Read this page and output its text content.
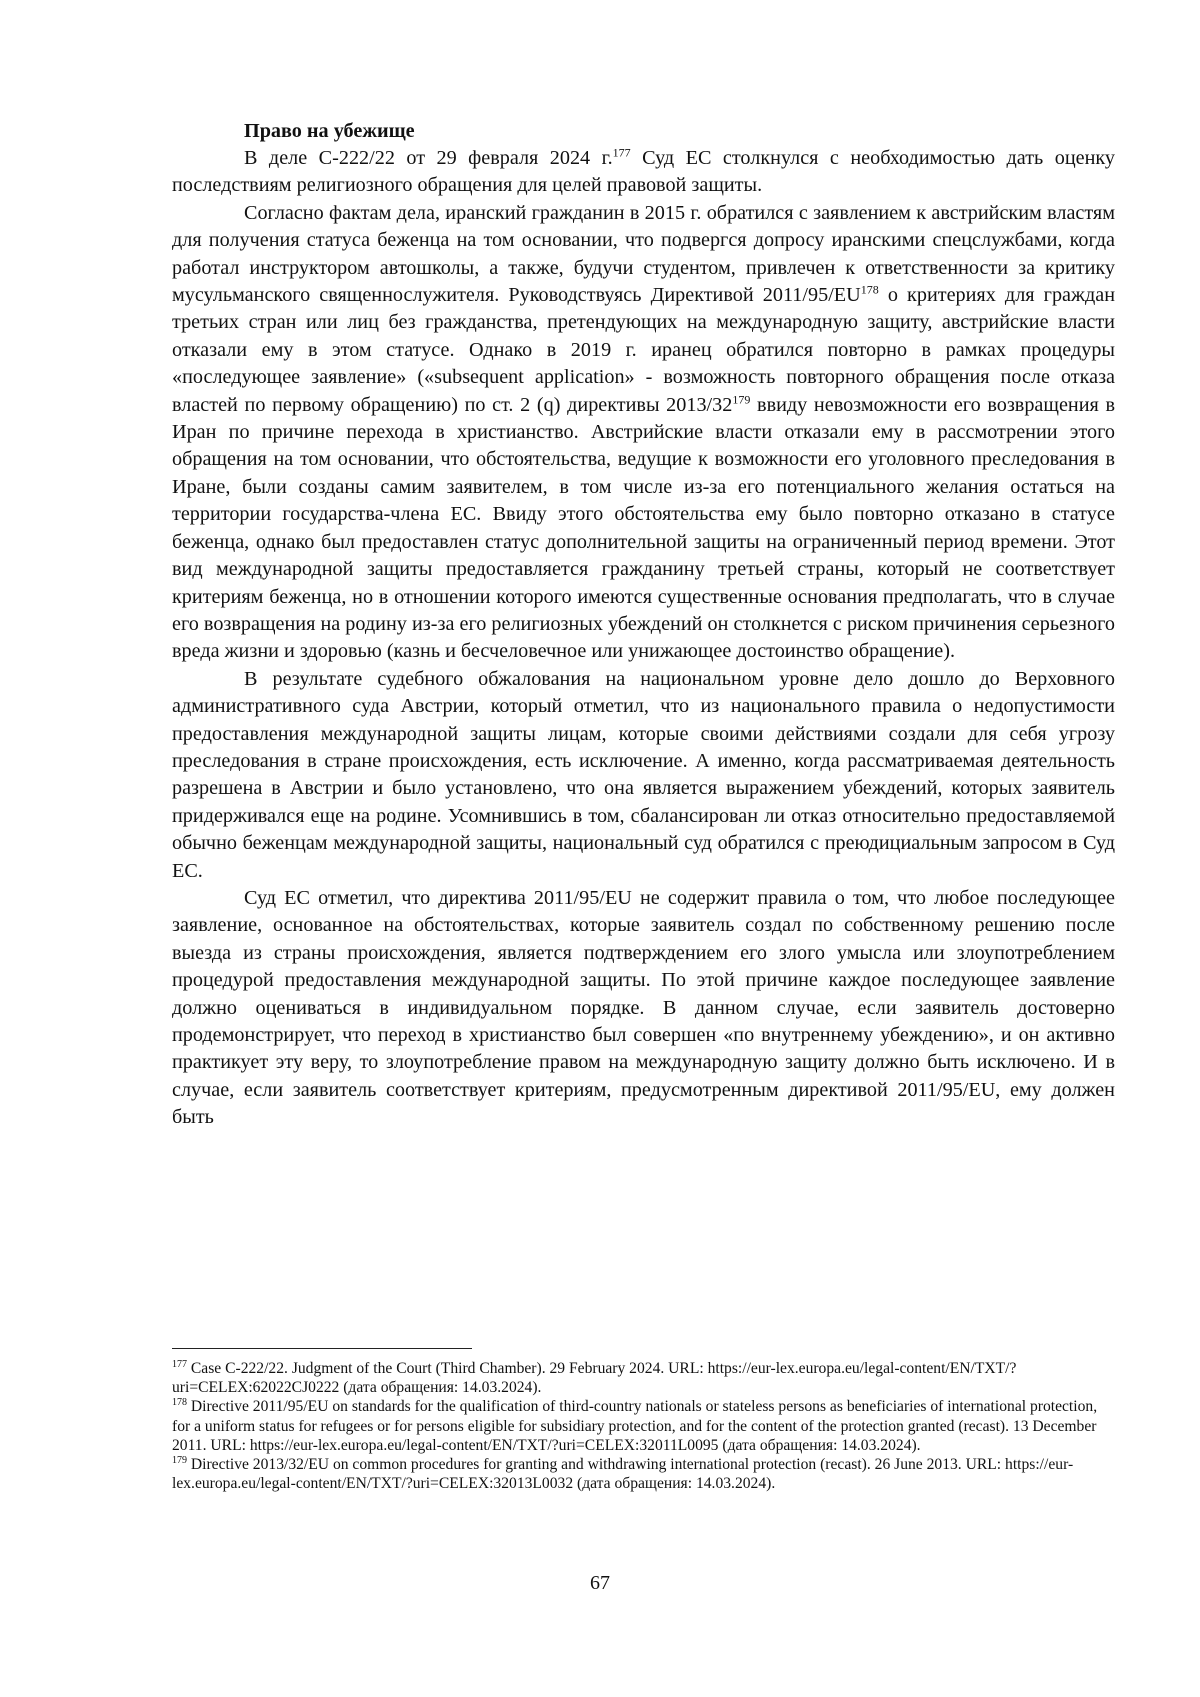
Право на убежище

В деле С-222/22 от 29 февраля 2024 г.$^{177}$ Суд ЕС столкнулся с необходимостью дать оценку последствиям религиозного обращения для целей правовой защиты.

Согласно фактам дела, иранский гражданин в 2015 г. обратился с заявлением к австрийским властям для получения статуса беженца на том основании, что подвергся допросу иранскими спецслужбами, когда работал инструктором автошколы, а также, будучи студентом, привлечен к ответственности за критику мусульманского священнослужителя. Руководствуясь Директивой 2011/95/EU$^{178}$ о критериях для граждан третьих стран или лиц без гражданства, претендующих на международную защиту, австрийские власти отказали ему в этом статусе. Однако в 2019 г. иранец обратился повторно в рамках процедуры «последующее заявление» («subsequent application» - возможность повторного обращения после отказа властей по первому обращению) по ст. 2 (q) директивы $2013/32^{179}$ ввиду невозможности его возвращения в Иран по причине перехода в христианство. Австрийские власти отказали ему в рассмотрении этого обращения на том основании, что обстоятельства, ведущие к возможности его уголовного преследования в Иране, были созданы самим заявителем, в том числе из-за его потенциального желания остаться на территории государства-члена ЕС. Ввиду этого обстоятельства ему было повторно отказано в статусе беженца, однако был предоставлен статус дополнительной защиты на ограниченный период времени. Этот вид международной защиты предоставляется гражданину третьей страны, который не соответствует критериям беженца, но в отношении которого имеются существенные основания предполагать, что в случае его возвращения на родину из-за его религиозных убеждений он столкнется с риском причинения серьезного вреда жизни и здоровью (казнь и бесчеловечное или унижающее достоинство обращение).

В результате судебного обжалования на национальном уровне дело дошло до Верховного административного суда Австрии, который отметил, что из национального правила о недопустимости предоставления международной защиты лицам, которые своими действиями создали для себя угрозу преследования в стране происхождения, есть исключение. А именно, когда рассматриваемая деятельность разрешена в Австрии и было установлено, что она является выражением убеждений, которых заявитель придерживался еще на родине. Усомнившись в том, сбалансирован ли отказ относительно предоставляемой обычно беженцам международной защиты, национальный суд обратился с преюдициальным запросом в Суд ЕС.

Суд ЕС отметил, что директива 2011/95/EU не содержит правила о том, что любое последующее заявление, основанное на обстоятельствах, которые заявитель создал по собственному решению после выезда из страны происхождения, является подтверждением его злого умысла или злоупотреблением процедурой предоставления международной защиты. По этой причине каждое последующее заявление должно оцениваться в индивидуальном порядке. В данном случае, если заявитель достоверно продемонстрирует, что переход в христианство был совершен «по внутреннему убеждению», и он активно практикует эту веру, то злоупотребление правом на международную защиту должно быть исключено. И в случае, если заявитель соответствует критериям, предусмотренным директивой 2011/95/EU, ему должен быть

$^{177}$ Case C-222/22. Judgment of the Court (Third Chamber). 29 February 2024. URL: https://eur-lex.europa.eu/legal-content/EN/TXT/?uri=CELEX:62022CJ0222 (дата обращения: 14.03.2024).

$^{178}$ Directive 2011/95/EU on standards for the qualification of third-country nationals or stateless persons as beneficiaries of international protection, for a uniform status for refugees or for persons eligible for subsidiary protection, and for the content of the protection granted (recast). 13 December 2011. URL: https://eur-lex.europa.eu/legal-content/EN/TXT/?uri=CELEX:32011L0095 (дата обращения: 14.03.2024).

$^{179}$ Directive 2013/32/EU on common procedures for granting and withdrawing international protection (recast). 26 June 2013. URL: https://eur-lex.europa.eu/legal-content/EN/TXT/?uri=CELEX:32013L0032 (дата обращения: 14.03.2024).

67
